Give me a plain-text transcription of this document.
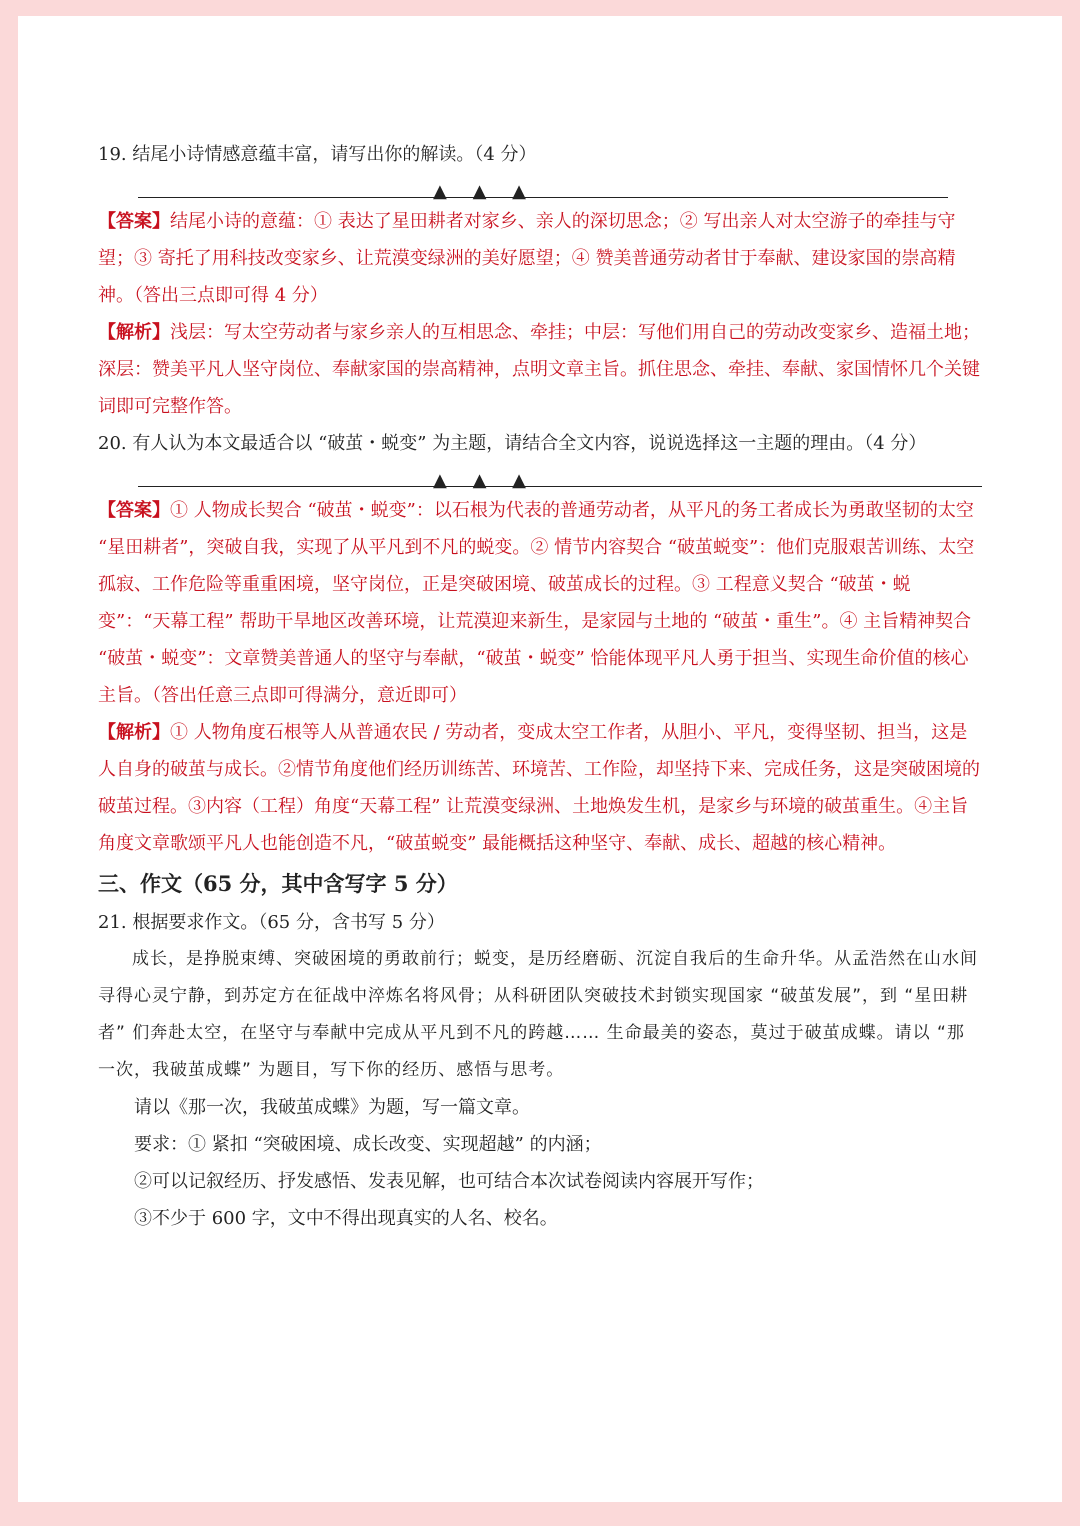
19. 结尾小诗情感意蕴丰富，请写出你的解读。（4 分）

▲ ▲ ▲

【答案】结尾小诗的意蕴：① 表达了星田耕者对家乡、亲人的深切思念；② 写出亲人对太空游子的牵挂与守望；③ 寄托了用科技改变家乡、让荒漠变绿洲的美好愿望；④ 赞美普通劳动者甘于奉献、建设家国的崇高精神。（答出三点即可得 4 分）

【解析】浅层：写太空劳动者与家乡亲人的互相思念、牵挂；中层：写他们用自己的劳动改变家乡、造福土地；深层：赞美平凡人坚守岗位、奉献家国的崇高精神，点明文章主旨。抓住思念、牵挂、奉献、家国情怀几个关键词即可完整作答。

20. 有人认为本文最适合以 “破茧・蜕变” 为主题，请结合全文内容，说说选择这一主题的理由。（4 分）

▲ ▲ ▲

【答案】① 人物成长契合 “破茧・蜕变”：以石根为代表的普通劳动者，从平凡的务工者成长为勇敢坚韧的太空 “星田耕者”，突破自我，实现了从平凡到不凡的蜕变。② 情节内容契合 “破茧蜕变”：他们克服艰苦训练、太空孤寂、工作危险等重重困境，坚守岗位，正是突破困境、破茧成长的过程。③ 工程意义契合 “破茧・蜕变”：“天幕工程” 帮助干旱地区改善环境，让荒漠迎来新生，是家园与土地的 “破茧・重生”。④ 主旨精神契合 “破茧・蜕变”：文章赞美普通人的坚守与奉献，“破茧・蜕变” 恰能体现平凡人勇于担当、实现生命价值的核心主旨。（答出任意三点即可得满分，意近即可）

【解析】① 人物角度石根等人从普通农民 / 劳动者，变成太空工作者，从胆小、平凡，变得坚韧、担当，这是人自身的破茧与成长。②情节角度他们经历训练苦、环境苦、工作险，却坚持下来、完成任务，这是突破困境的破茧过程。③内容（工程）角度“天幕工程” 让荒漠变绿洲、土地焕发生机，是家乡与环境的破茧重生。④主旨角度文章歌颂平凡人也能创造不凡，“破茧蜕变” 最能概括这种坚守、奉献、成长、超越的核心精神。

三、作文（65 分，其中含写字 5 分）

21. 根据要求作文。（65 分，含书写 5 分）

成长，是挣脱束缚、突破困境的勇敢前行；蜕变，是历经磨砺、沉淀自我后的生命升华。从孟浩然在山水间寻得心灵宁静，到苏定方在征战中淬炼名将风骨；从科研团队突破技术封锁实现国家 “破茧发展”，到 “星田耕者” 们奔赴太空，在坚守与奉献中完成从平凡到不凡的跨越…… 生命最美的姿态，莫过于破茧成蝶。请以 “那一次，我破茧成蝶” 为题目，写下你的经历、感悟与思考。

请以《那一次，我破茧成蝶》为题，写一篇文章。

要求：① 紧扣 “突破困境、成长改变、实现超越” 的内涵；

②可以记叙经历、抒发感悟、发表见解，也可结合本次试卷阅读内容展开写作；

③不少于 600 字，文中不得出现真实的人名、校名。
